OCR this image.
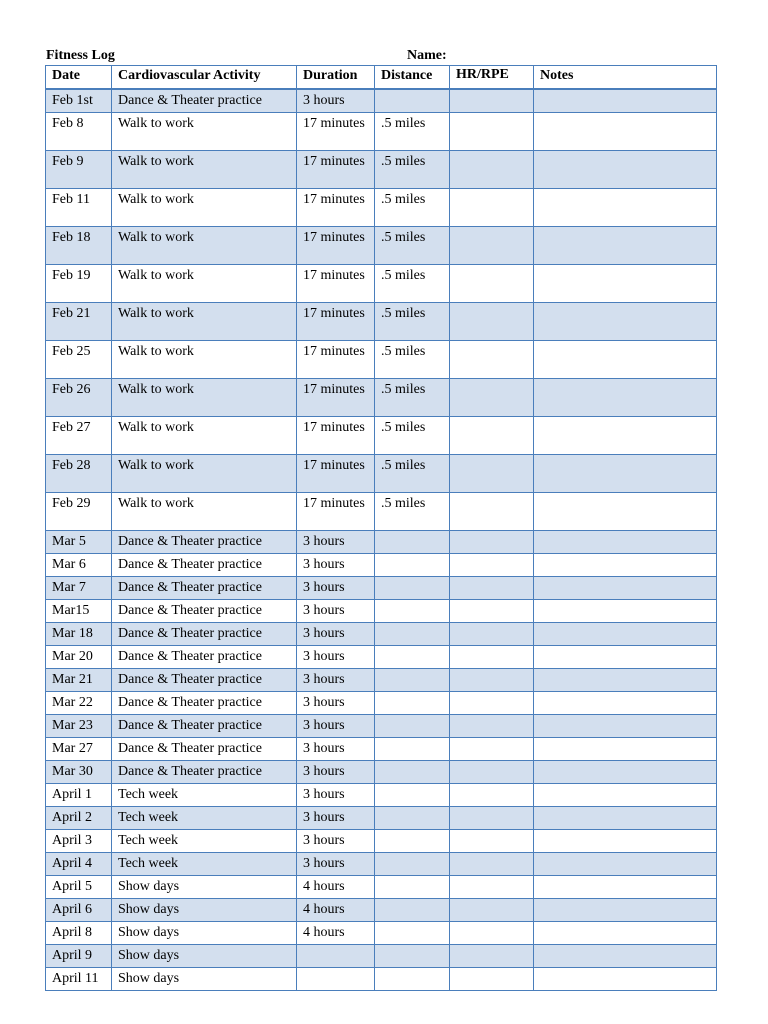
Fitness Log	Name:
Date	Cardiovascular Activity	Duration	Distance	HR/RPE	Notes
Feb 1st	Dance & Theater practice	3 hours			
Feb 8	Walk to work	17 minutes	.5 miles		
Feb 9	Walk to work	17 minutes	.5 miles		
Feb 11	Walk to work	17 minutes	.5 miles		
Feb 18	Walk to work	17 minutes	.5 miles		
Feb 19	Walk to work	17 minutes	.5 miles		
Feb 21	Walk to work	17 minutes	.5 miles		
Feb 25	Walk to work	17 minutes	.5 miles		
Feb 26	Walk to work	17 minutes	.5 miles		
Feb 27	Walk to work	17 minutes	.5 miles		
Feb 28	Walk to work	17 minutes	.5 miles		
Feb 29	Walk to work	17 minutes	.5 miles		
Mar 5	Dance & Theater practice	3 hours			
Mar 6	Dance & Theater practice	3 hours			
Mar 7	Dance & Theater practice	3 hours			
Mar15	Dance & Theater practice	3 hours			
Mar 18	Dance & Theater practice	3 hours			
Mar 20	Dance & Theater practice	3 hours			
Mar 21	Dance & Theater practice	3 hours			
Mar 22	Dance & Theater practice	3 hours			
Mar 23	Dance & Theater practice	3 hours			
Mar 27	Dance & Theater practice	3 hours			
Mar 30	Dance & Theater practice	3 hours			
April 1	Tech week	3 hours			
April 2	Tech week	3 hours			
April 3	Tech week	3 hours			
April 4	Tech week	3 hours			
April 5	Show days	4 hours			
April 6	Show days	4 hours			
April 8	Show days	4 hours			
April 9	Show days				
April 11	Show days				
